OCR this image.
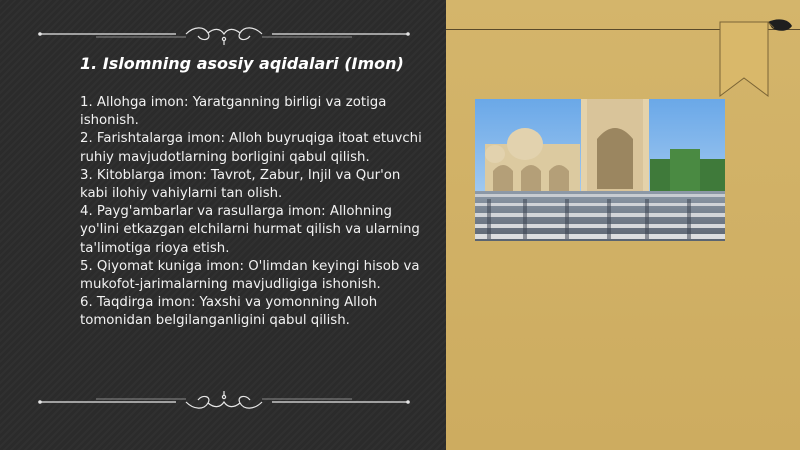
1. Islomning asosiy aqidalari (Imon)
1. Allohga imon: Yaratganning birligi va zotiga ishonish.
2. Farishtalarga imon: Alloh buyruqiga itoat etuvchi ruhiy mavjudotlarning borligini qabul qilish.
3. Kitoblarga imon: Tavrot, Zabur, Injil va Qur'on kabi ilohiy vahiylarni tan olish.
4. Payg'ambarlar va rasullarga imon: Allohning yo'lini etkazgan elchilarni hurmat qilish va ularning ta'limotiga rioya etish.
5. Qiyomat kuniga imon: O'limdan keyingi hisob va mukofot-jarimalarning mavjudligiga ishonish.
6. Taqdirga imon: Yaxshi va yomonning Alloh tomonidan belgilanganligini qabul qilish.
